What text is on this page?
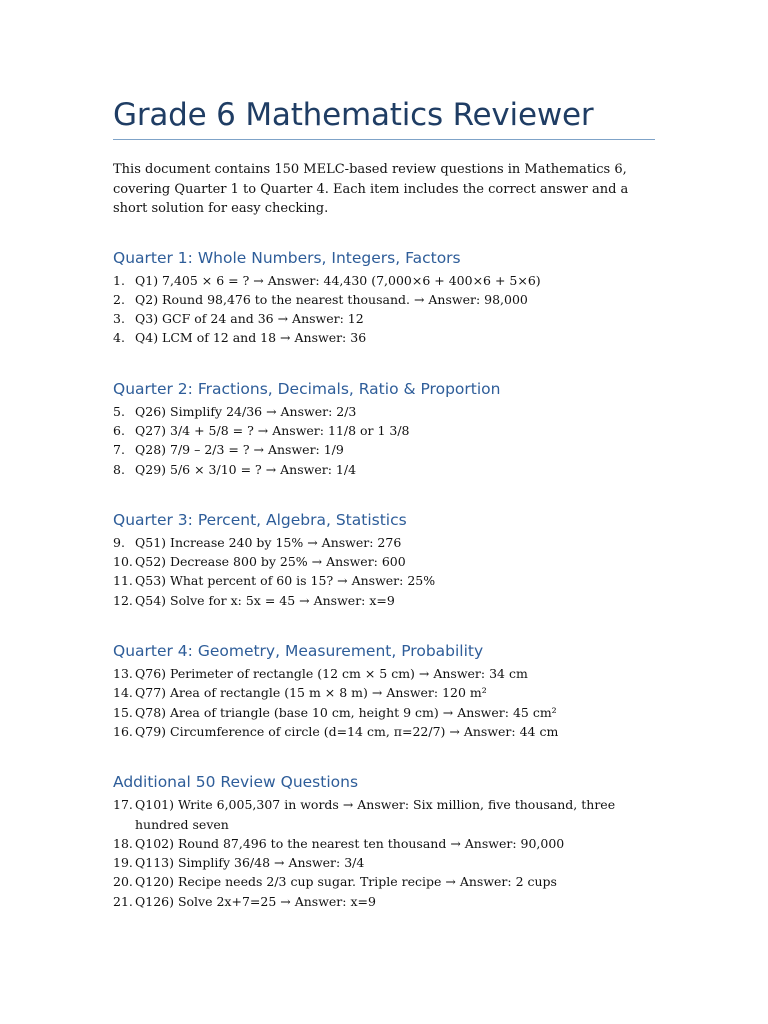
Grade 6 Mathematics Reviewer

This document contains 150 MELC-based review questions in Mathematics 6, covering Quarter 1 to Quarter 4. Each item includes the correct answer and a short solution for easy checking.

Quarter 1: Whole Numbers, Integers, Factors
1. Q1) 7,405 × 6 = ? → Answer: 44,430 (7,000×6 + 400×6 + 5×6)
2. Q2) Round 98,476 to the nearest thousand. → Answer: 98,000
3. Q3) GCF of 24 and 36 → Answer: 12
4. Q4) LCM of 12 and 18 → Answer: 36
Quarter 2: Fractions, Decimals, Ratio & Proportion
5. Q26) Simplify 24/36 → Answer: 2/3
6. Q27) 3/4 + 5/8 = ? → Answer: 11/8 or 1 3/8
7. Q28) 7/9 – 2/3 = ? → Answer: 1/9
8. Q29) 5/6 × 3/10 = ? → Answer: 1/4
Quarter 3: Percent, Algebra, Statistics
9. Q51) Increase 240 by 15% → Answer: 276
10. Q52) Decrease 800 by 25% → Answer: 600
11. Q53) What percent of 60 is 15? → Answer: 25%
12. Q54) Solve for x: 5x = 45 → Answer: x=9
Quarter 4: Geometry, Measurement, Probability
13. Q76) Perimeter of rectangle (12 cm × 5 cm) → Answer: 34 cm
14. Q77) Area of rectangle (15 m × 8 m) → Answer: 120 m²
15. Q78) Area of triangle (base 10 cm, height 9 cm) → Answer: 45 cm²
16. Q79) Circumference of circle (d=14 cm, π=22/7) → Answer: 44 cm
Additional 50 Review Questions
17. Q101) Write 6,005,307 in words → Answer: Six million, five thousand, three hundred seven
18. Q102) Round 87,496 to the nearest ten thousand → Answer: 90,000
19. Q113) Simplify 36/48 → Answer: 3/4
20. Q120) Recipe needs 2/3 cup sugar. Triple recipe → Answer: 2 cups
21. Q126) Solve 2x+7=25 → Answer: x=9
